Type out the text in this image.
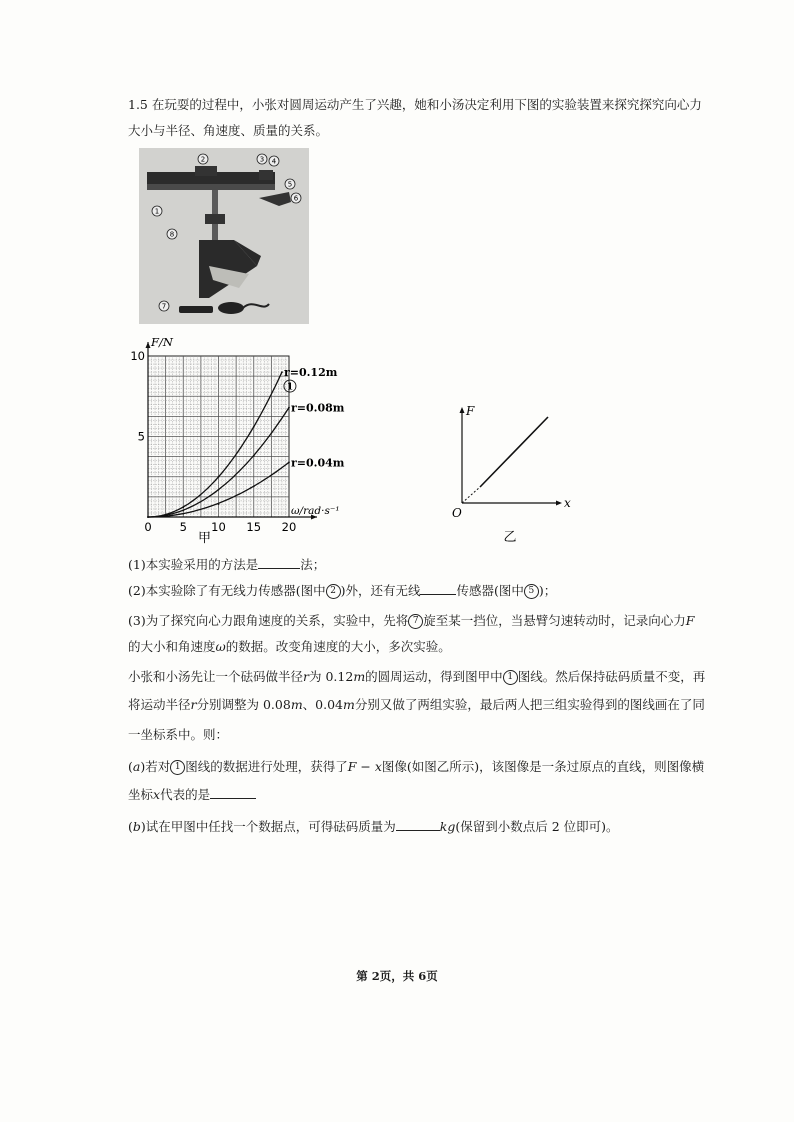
1.5 在玩耍的过程中，小张对圆周运动产生了兴趣，她和小汤决定利用下图的实验装置来探究探究向心力
大小与半径、角速度、质量的关系。
2	3 4
5
6
1
8
7
r=0.12m
1
r=0.08m
r=0.04m
0 5 10 15 20
5
10
F/N
ω/rad·s⁻¹
甲
F
x
O
乙
(1)本实验采用的方法是	法；
(2)本实验除了有无线力传感器(图中 2 )外，还有无线	传感器(图中 5 )；
(3)为了探究向心力跟角速度的关系，实验中，先将 7 旋至某一挡位，当悬臂匀速转动时，记录向心力F
的大小和角速度ω的数据。改变角速度的大小，多次实验。
小张和小汤先让一个砝码做半径r为 0.12m的圆周运动，得到图甲中 1 图线。然后保持砝码质量不变，再
将运动半径r分别调整为 0.08m、0.04m分别又做了两组实验，最后两人把三组实验得到的图线画在了同
一坐标系中。则：
(a)若对 1 图线的数据进行处理，获得了F − x图像(如图乙所示)，该图像是一条过原点的直线，则图像横
坐标x代表的是
(b)试在甲图中任找一个数据点，可得砝码质量为	kg(保留到小数点后 2 位即可)。
第 2页，共 6页
